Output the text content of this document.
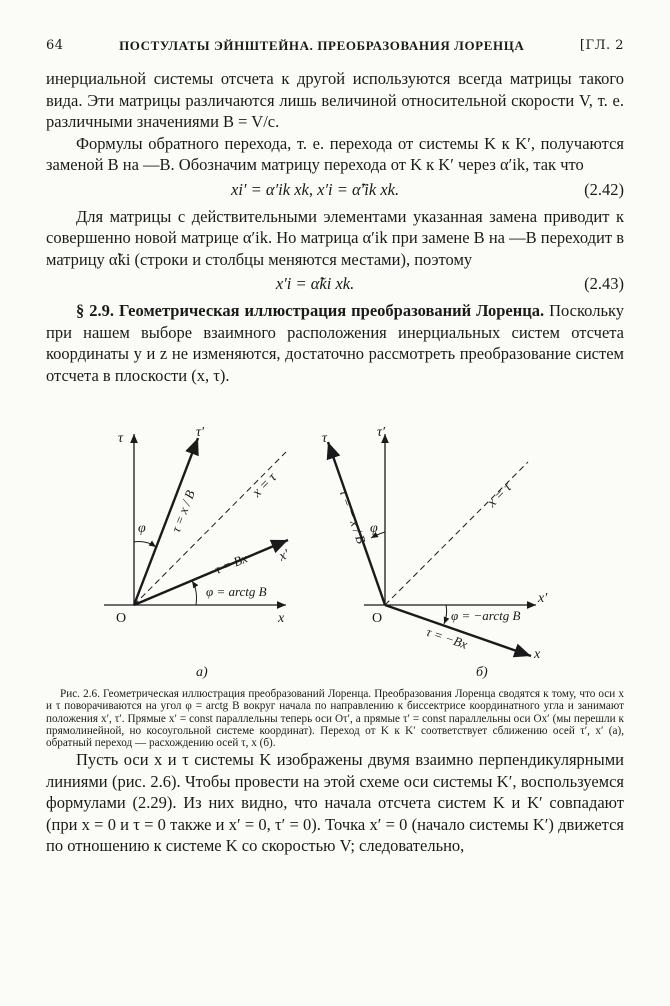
64	ПОСТУЛАТЫ ЭЙНШТЕЙНА. ПРЕОБРАЗОВАНИЯ ЛОРЕНЦА	[ГЛ. 2

инерциальной системы отсчета к другой используются всегда матрицы такого вида. Эти матрицы различаются лишь величиной относительной скорости V, т. е. различными значениями B = V/c.

Формулы обратного перехода, т. е. перехода от системы K к K′, получаются заменой B на —B. Обозначим матрицу перехода от K к K′ через α′ik, так что

xi′ = α′ik xk, x′i = α̃′ik xk.	(2.42)

Для матрицы с действительными элементами указанная замена приводит к совершенно новой матрице α′ik. Но матрица α′ik при замене B на —B переходит в матрицу α̃ki (строки и столбцы меняются местами), поэтому

x′i = α̃ki xk.	(2.43)

§ 2.9. Геометрическая иллюстрация преобразований Лоренца. Поскольку при нашем выборе взаимного расположения инерциальных систем отсчета координаты y и z не изменяются, достаточно рассмотреть преобразование систем отсчета в плоскости (x, τ).

τ	τ′
x
x′
O
x = τ
φ τ = x / B
τ = Bx
φ = arctg B
а)
τ	τ′
x
x′
O
x = τ
φ
τ = − x / B
τ = −Bx
φ = −arctg B
б)

Рис. 2.6. Геометрическая иллюстрация преобразований Лоренца. Преобразования Лоренца сводятся к тому, что оси x и τ поворачиваются на угол φ = arctg B вокруг начала по направлению к биссектрисе координатного угла и занимают положения x′, τ′. Прямые x′ = const параллельны теперь оси Oτ′, а прямые τ′ = const параллельны оси Ox′ (мы перешли к прямолинейной, но косоугольной системе координат). Переход от K к K′ соответствует сближению осей τ′, x′ (а), обратный переход — расхождению осей τ, x (б).

Пусть оси x и τ системы K изображены двумя взаимно перпендикулярными линиями (рис. 2.6). Чтобы провести на этой схеме оси системы K′, воспользуемся формулами (2.29). Из них видно, что начала отсчета систем K и K′ совпадают (при x = 0 и τ = 0 также и x′ = 0, τ′ = 0). Точка x′ = 0 (начало системы K′) движется по отношению к системе K со скоростью V; следовательно,
